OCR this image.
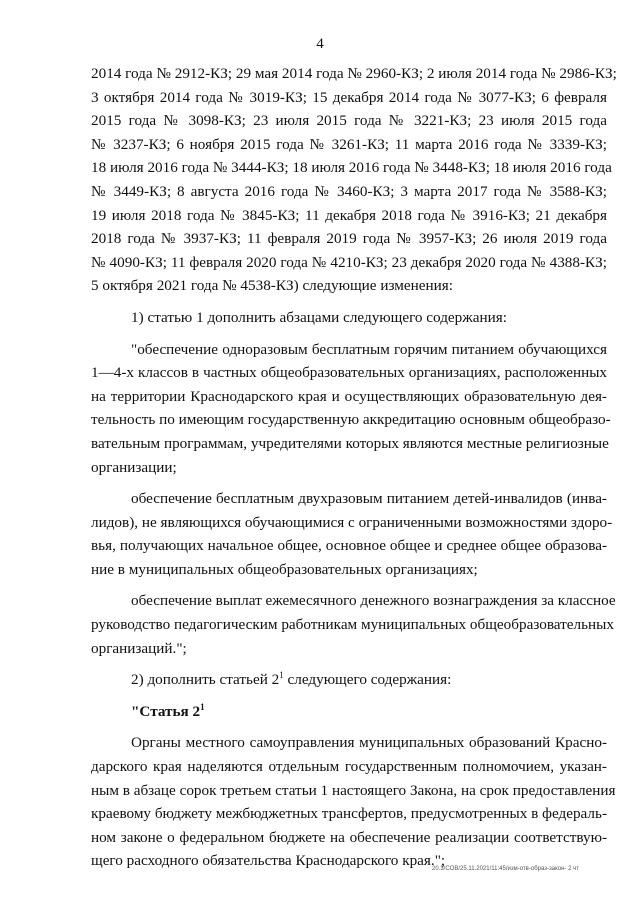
4
2014 года № 2912-КЗ; 29 мая 2014 года № 2960-КЗ; 2 июля 2014 года № 2986-КЗ;
3 октября 2014 года № 3019-КЗ; 15 декабря 2014 года № 3077-КЗ; 6 февраля
2015 года № 3098-КЗ; 23 июля 2015 года № 3221-КЗ; 23 июля 2015 года
№ 3237-КЗ; 6 ноября 2015 года № 3261-КЗ; 11 марта 2016 года № 3339-КЗ;
18 июля 2016 года № 3444-КЗ; 18 июля 2016 года № 3448-КЗ; 18 июля 2016 года
№ 3449-КЗ; 8 августа 2016 года № 3460-КЗ; 3 марта 2017 года № 3588-КЗ;
19 июля 2018 года № 3845-КЗ; 11 декабря 2018 года № 3916-КЗ; 21 декабря
2018 года № 3937-КЗ; 11 февраля 2019 года № 3957-КЗ; 26 июля 2019 года
№ 4090-КЗ; 11 февраля 2020 года № 4210-КЗ; 23 декабря 2020 года № 4388-КЗ;
5 октября 2021 года № 4538-КЗ) следующие изменения:
1) статью 1 дополнить абзацами следующего содержания:
"обеспечение одноразовым бесплатным горячим питанием обучающихся
1—4-х классов в частных общеобразовательных организациях, расположенных
на территории Краснодарского края и осуществляющих образовательную дея-
тельность по имеющим государственную аккредитацию основным общеобразо-
вательным программам, учредителями которых являются местные религиозные
организации;
обеспечение бесплатным двухразовым питанием детей-инвалидов (инва-
лидов), не являющихся обучающимися с ограниченными возможностями здоро-
вья, получающих начальное общее, основное общее и среднее общее образова-
ние в муниципальных общеобразовательных организациях;
обеспечение выплат ежемесячного денежного вознаграждения за классное
руководство педагогическим работникам муниципальных общеобразовательных
организаций.";
2) дополнить статьей $2^1$ следующего содержания:
"Статья $2^1$
Органы местного самоуправления муниципальных образований Красно-
дарского края наделяются отдельным государственным полномочием, указан-
ным в абзаце сорок третьем статьи 1 настоящего Закона, на срок предоставления
краевому бюджету межбюджетных трансфертов, предусмотренных в федераль-
ном законе о федеральном бюджете на обеспечение реализации соответствую-
щего расходного обязательства Краснодарского края.";
20.3/COB/25.11.2021/11:45/изм-отв-образ-закон- 2 чт
